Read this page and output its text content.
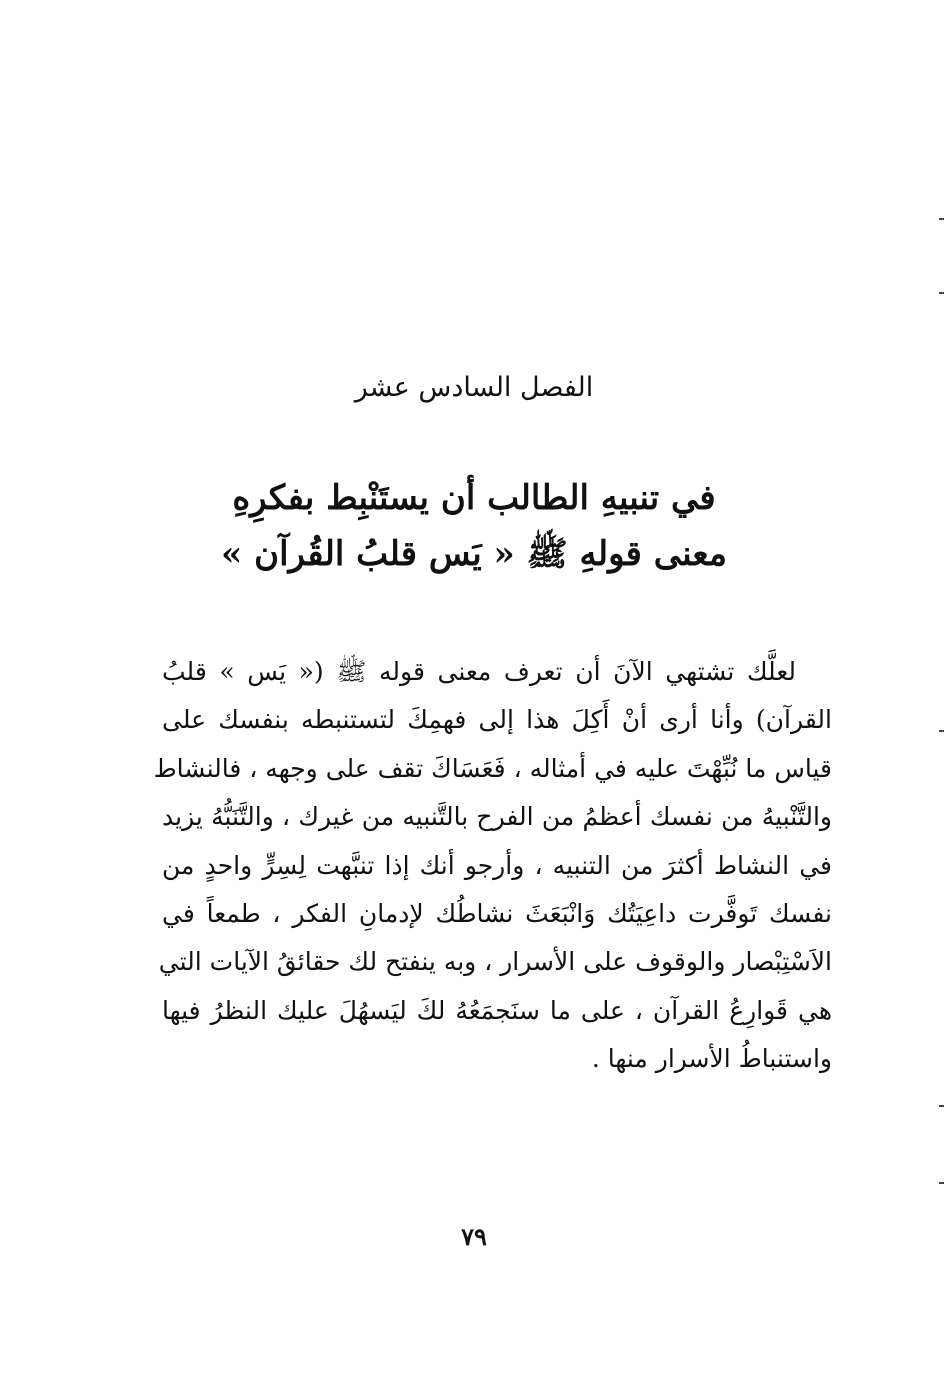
الفصل السادس عشر
في تنبيهِ الطالب أن يستَنْبِط بفكرِهِ
معنى قولهِ ﷺ « يَس قلبُ القُرآن »
لعلَّك تشتهي الآنَ أن تعرف معنى قوله ﷺ (« يَس » قلبُ
القرآن) وأنا أرى أنْ أَكِلَ هذا إلى فهمِكَ لتستنبطه بنفسك على
قياس ما نُبِّهْتَ عليه في أمثاله ، فَعَسَاكَ تقف على وجهه ، فالنشاط
والتَّنْبيهُ من نفسك أعظمُ من الفرح بالتَّنبيه من غيرك ، والتَّنَبُّهُ يزيد
في النشاط أكثرَ من التنبيه ، وأرجو أنك إذا تنبَّهت لِسِرٍّ واحدٍ من
نفسك تَوفَّرت داعِيَتُك وَانْبَعَثَ نشاطُك لإدمانِ الفكر ، طمعاً في
الاَسْتِبْصار والوقوف على الأسرار ، وبه ينفتح لك حقائقُ الآيات التي
هي قَوارِعُ القرآن ، على ما سنَجمَعُهُ لكَ ليَسهُلَ عليك النظرُ فيها
واستنباطُ الأسرار منها .
٧٩
